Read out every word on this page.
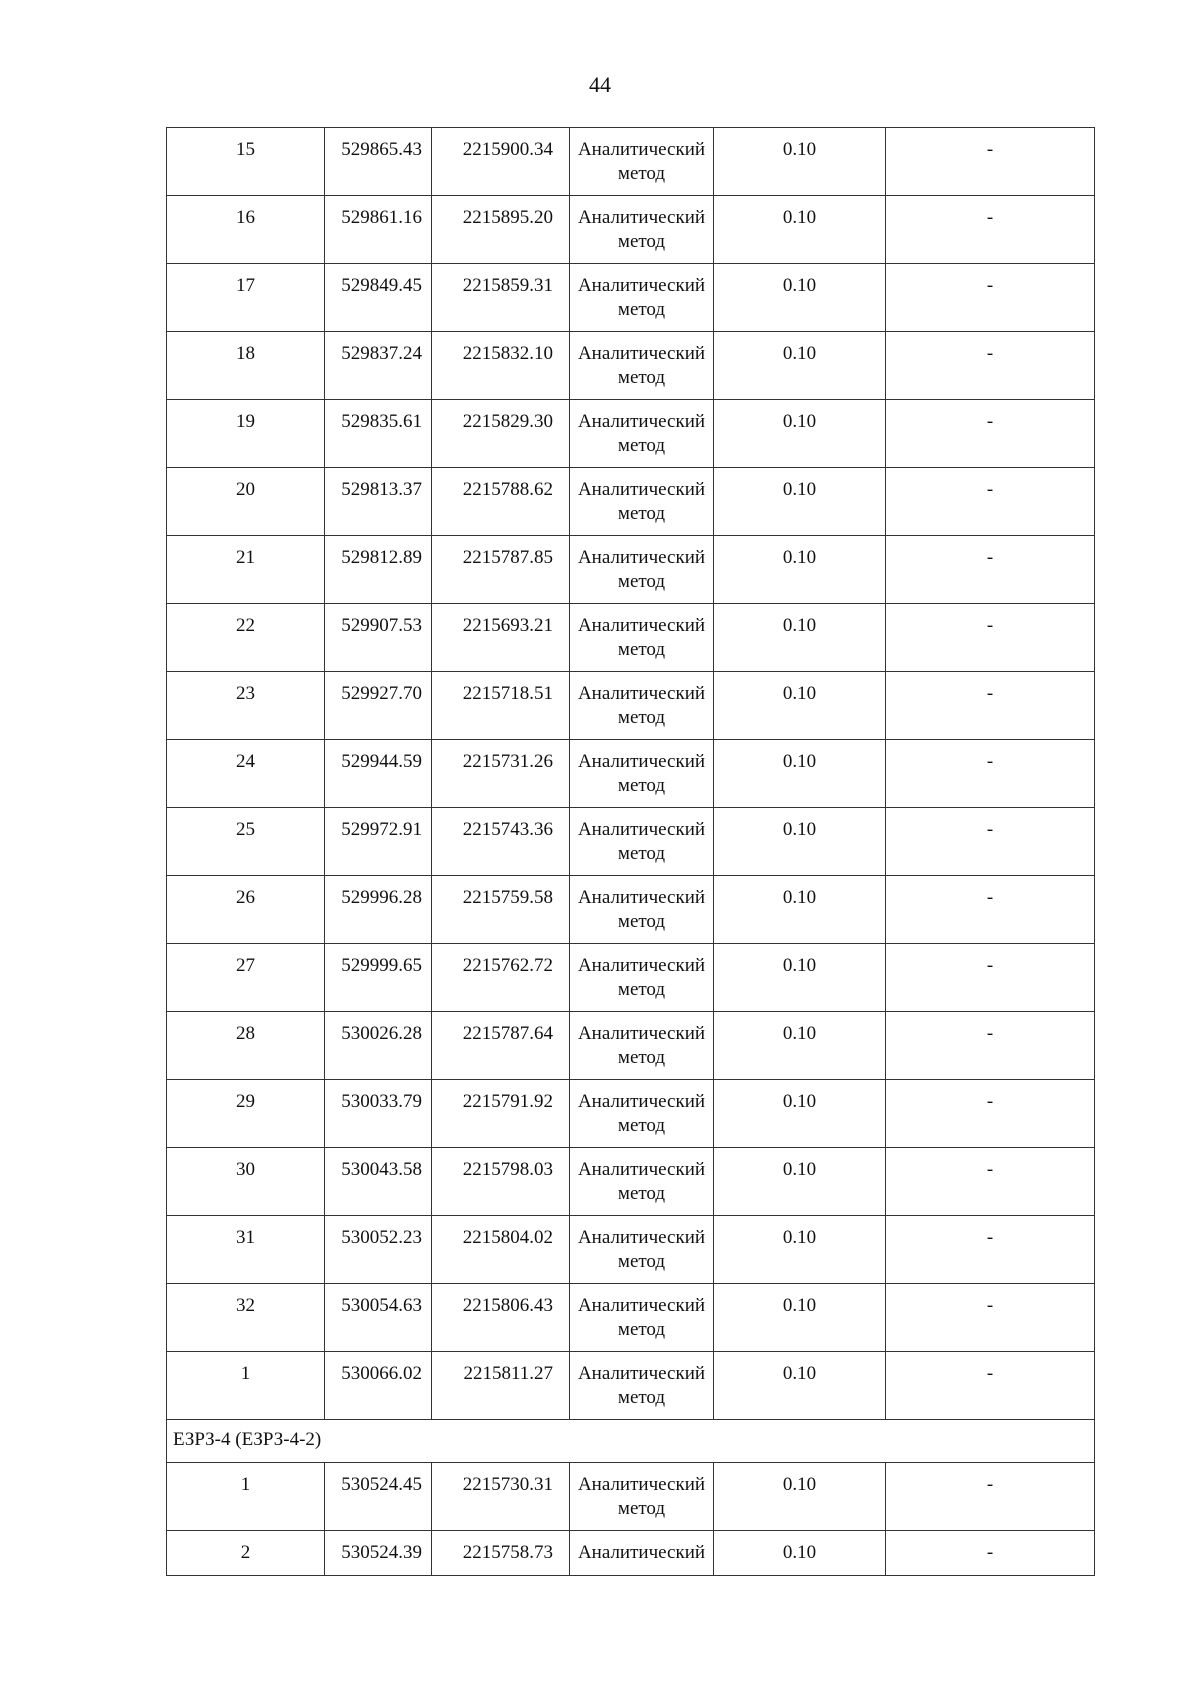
44
15	529865.43	2215900.34	Аналитический метод	0.10	-
16	529861.16	2215895.20	Аналитический метод	0.10	-
17	529849.45	2215859.31	Аналитический метод	0.10	-
18	529837.24	2215832.10	Аналитический метод	0.10	-
19	529835.61	2215829.30	Аналитический метод	0.10	-
20	529813.37	2215788.62	Аналитический метод	0.10	-
21	529812.89	2215787.85	Аналитический метод	0.10	-
22	529907.53	2215693.21	Аналитический метод	0.10	-
23	529927.70	2215718.51	Аналитический метод	0.10	-
24	529944.59	2215731.26	Аналитический метод	0.10	-
25	529972.91	2215743.36	Аналитический метод	0.10	-
26	529996.28	2215759.58	Аналитический метод	0.10	-
27	529999.65	2215762.72	Аналитический метод	0.10	-
28	530026.28	2215787.64	Аналитический метод	0.10	-
29	530033.79	2215791.92	Аналитический метод	0.10	-
30	530043.58	2215798.03	Аналитический метод	0.10	-
31	530052.23	2215804.02	Аналитический метод	0.10	-
32	530054.63	2215806.43	Аналитический метод	0.10	-
1	530066.02	2215811.27	Аналитический метод	0.10	-
ЕЗРЗ-4 (ЕЗРЗ-4-2)					
1	530524.45	2215730.31	Аналитический метод	0.10	-
2	530524.39	2215758.73	Аналитический	0.10	-
